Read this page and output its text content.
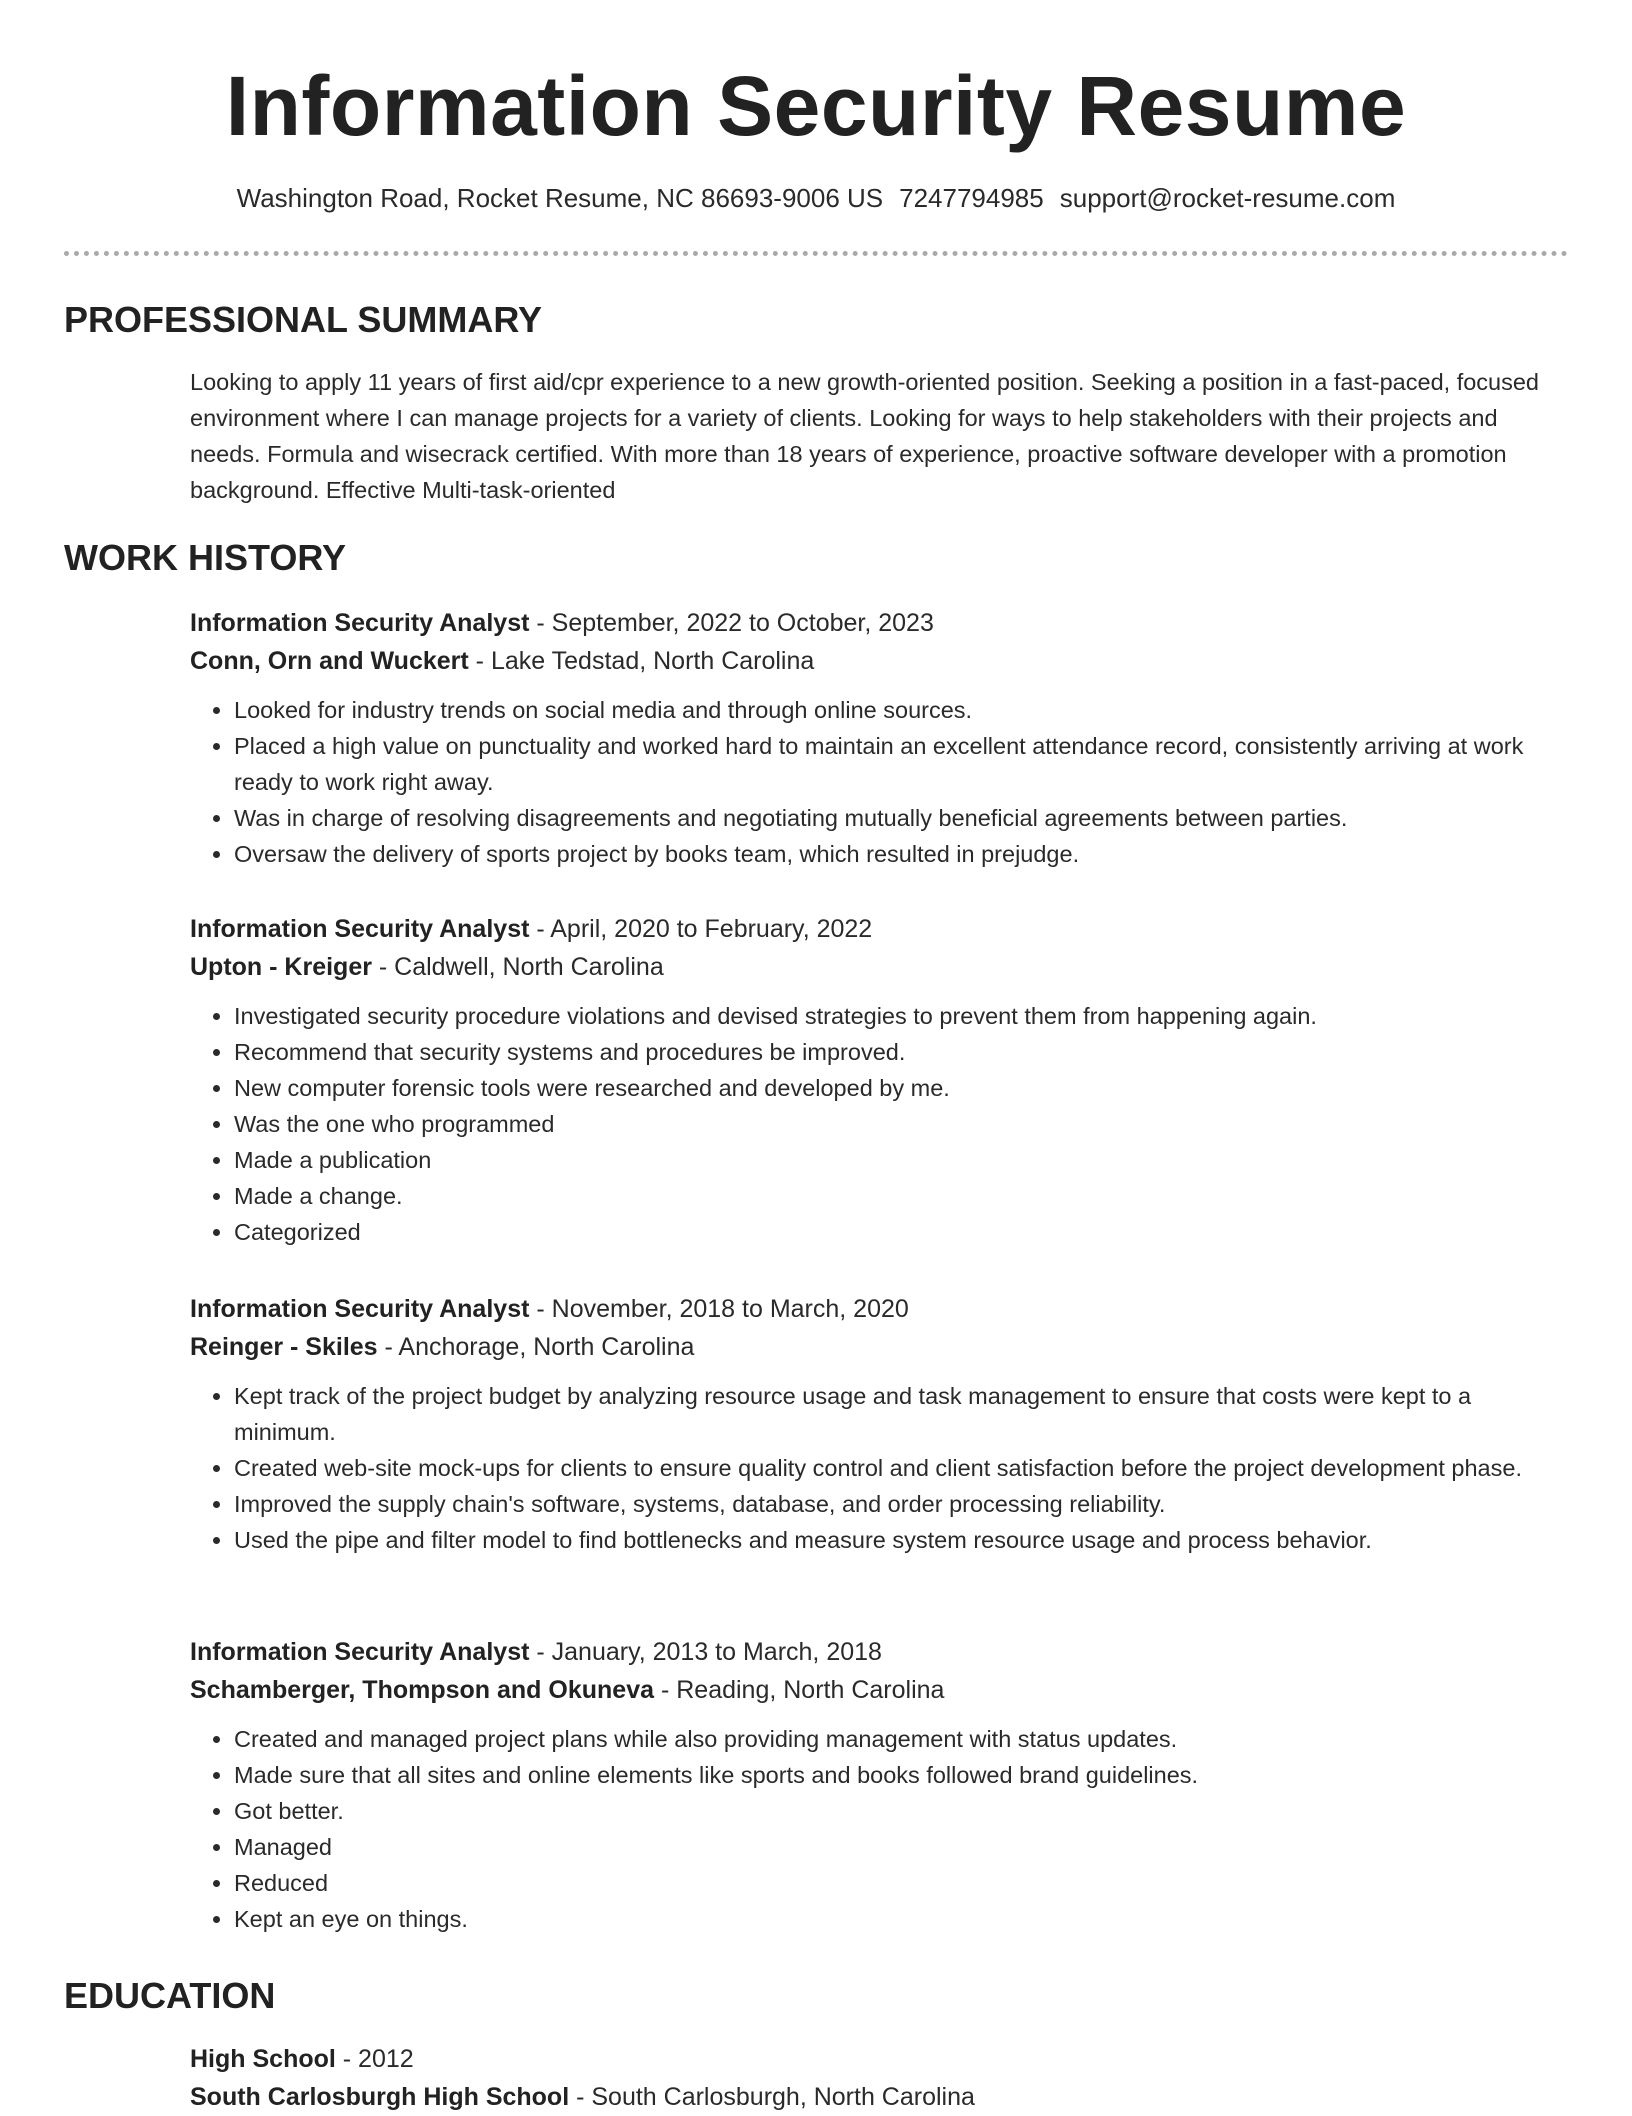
Information Security Resume
Washington Road, Rocket Resume, NC 86693-9006 US 7247794985 support@rocket-resume.com
PROFESSIONAL SUMMARY

Looking to apply 11 years of first aid/cpr experience to a new growth-oriented position. Seeking a position in a fast-paced, focused environment where I can manage projects for a variety of clients. Looking for ways to help stakeholders with their projects and needs. Formula and wisecrack certified. With more than 18 years of experience, proactive software developer with a promotion background. Effective Multi-task-oriented

WORK HISTORY

Information Security Analyst - September, 2022 to October, 2023

Conn, Orn and Wuckert - Lake Tedstad, North Carolina

• Looked for industry trends on social media and through online sources.
• Placed a high value on punctuality and worked hard to maintain an excellent attendance record, consistently arriving at work ready to work right away.
• Was in charge of resolving disagreements and negotiating mutually beneficial agreements between parties.
• Oversaw the delivery of sports project by books team, which resulted in prejudge.

Information Security Analyst - April, 2020 to February, 2022

Upton - Kreiger - Caldwell, North Carolina

• Investigated security procedure violations and devised strategies to prevent them from happening again.
• Recommend that security systems and procedures be improved.
• New computer forensic tools were researched and developed by me.
• Was the one who programmed
• Made a publication
• Made a change.
• Categorized

Information Security Analyst - November, 2018 to March, 2020

Reinger - Skiles - Anchorage, North Carolina

• Kept track of the project budget by analyzing resource usage and task management to ensure that costs were kept to a minimum.
• Created web-site mock-ups for clients to ensure quality control and client satisfaction before the project development phase.
• Improved the supply chain's software, systems, database, and order processing reliability.
• Used the pipe and filter model to find bottlenecks and measure system resource usage and process behavior.

Information Security Analyst - January, 2013 to March, 2018

Schamberger, Thompson and Okuneva - Reading, North Carolina

• Created and managed project plans while also providing management with status updates.
• Made sure that all sites and online elements like sports and books followed brand guidelines.
• Got better.
• Managed
• Reduced
• Kept an eye on things.
EDUCATION

High School - 2012

South Carlosburgh High School - South Carlosburgh, North Carolina
